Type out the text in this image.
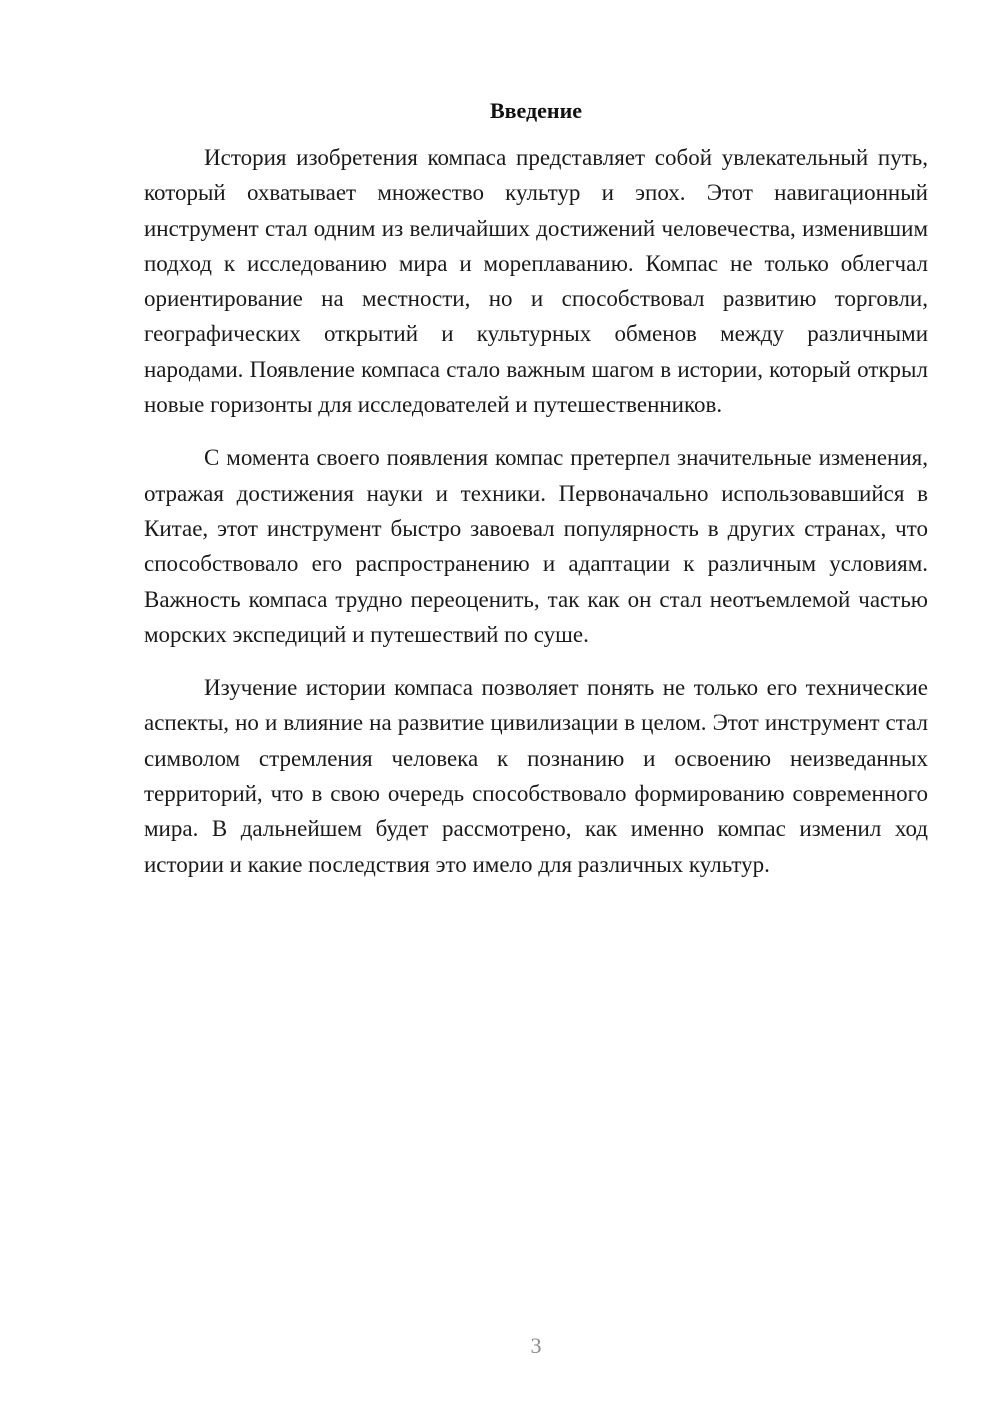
Введение

История изобретения компаса представляет собой увлекательный путь, который охватывает множество культур и эпох. Этот навигационный инструмент стал одним из величайших достижений человечества, изменившим подход к исследованию мира и мореплаванию. Компас не только облегчал ориентирование на местности, но и способствовал развитию торговли, географических открытий и культурных обменов между различными народами. Появление компаса стало важным шагом в истории, который открыл новые горизонты для исследователей и путешественников.

С момента своего появления компас претерпел значительные изменения, отражая достижения науки и техники. Первоначально использовавшийся в Китае, этот инструмент быстро завоевал популярность в других странах, что способствовало его распространению и адаптации к различным условиям. Важность компаса трудно переоценить, так как он стал неотъемлемой частью морских экспедиций и путешествий по суше.

Изучение истории компаса позволяет понять не только его технические аспекты, но и влияние на развитие цивилизации в целом. Этот инструмент стал символом стремления человека к познанию и освоению неизведанных территорий, что в свою очередь способствовало формированию современного мира. В дальнейшем будет рассмотрено, как именно компас изменил ход истории и какие последствия это имело для различных культур.

3
